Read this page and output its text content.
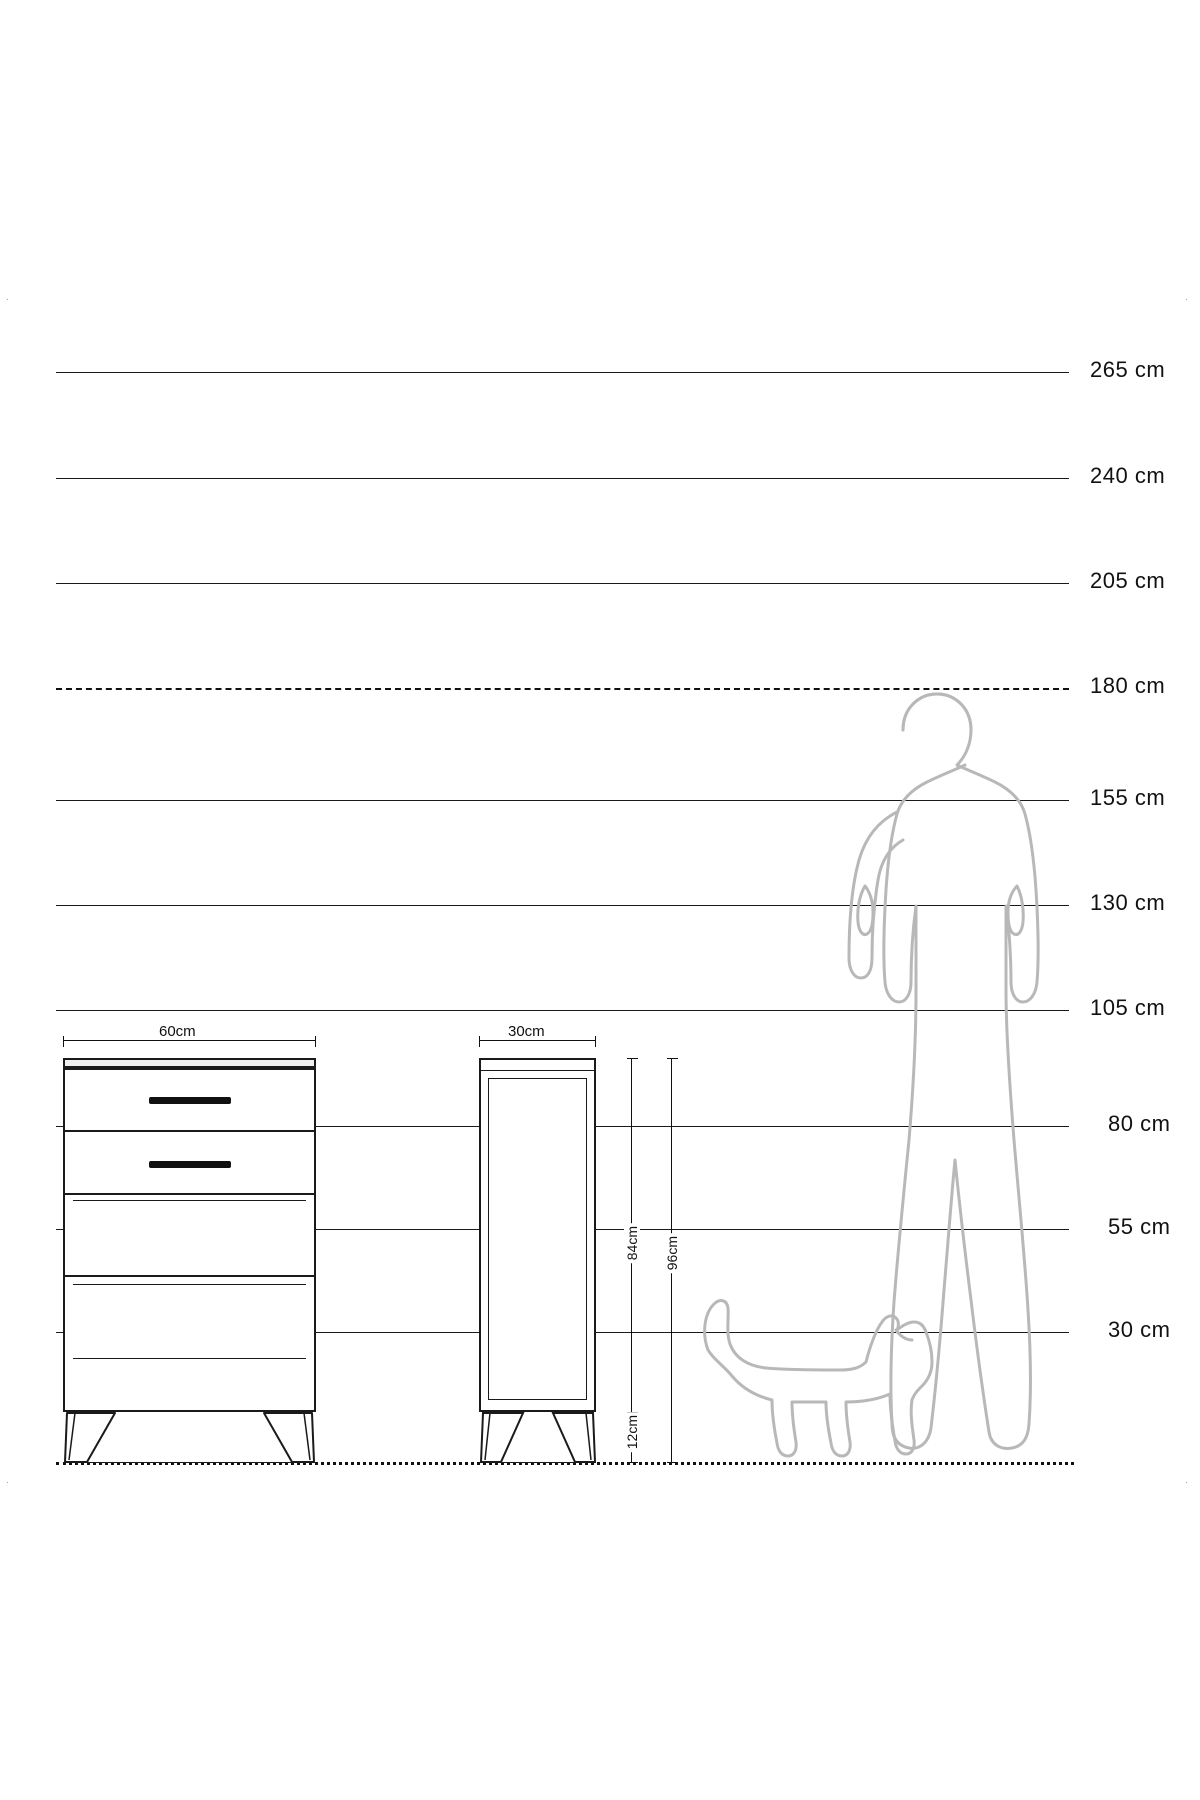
.	.
.	.
265 cm
240 cm
205 cm
180 cm
155 cm
130 cm
105 cm
80 cm
55 cm
30 cm
60cm	30cm
84cm 96cm
12cm
